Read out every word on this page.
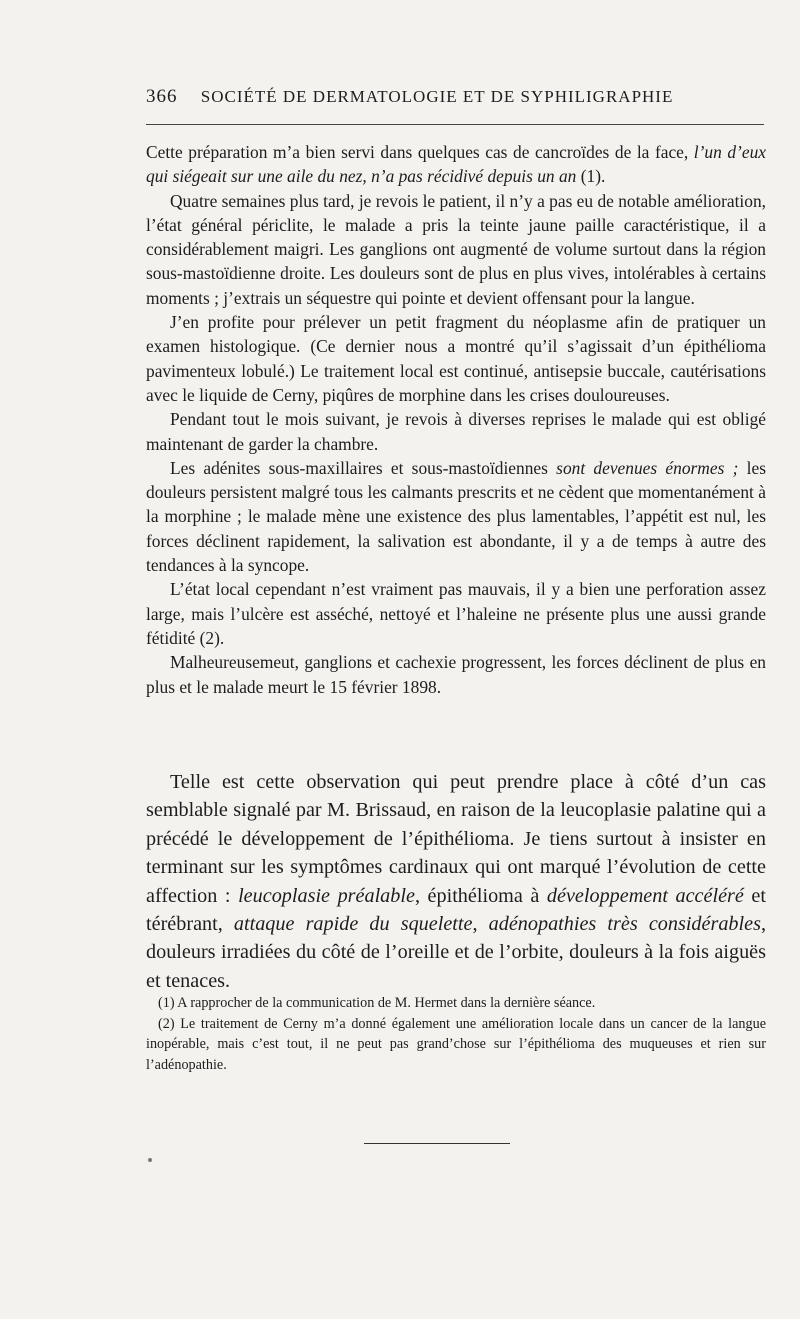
366 SOCIÉTÉ DE DERMATOLOGIE ET DE SYPHILIGRAPHIE

Cette préparation m’a bien servi dans quelques cas de cancroïdes de la face, l’un d’eux qui siégeait sur une aile du nez, n’a pas récidivé depuis un an (1).

Quatre semaines plus tard, je revois le patient, il n’y a pas eu de notable amélioration, l’état général périclite, le malade a pris la teinte jaune paille caractéristique, il a considérablement maigri. Les ganglions ont augmenté de volume surtout dans la région sous-mastoïdienne droite. Les douleurs sont de plus en plus vives, intolérables à certains moments ; j’extrais un séquestre qui pointe et devient offensant pour la langue.

J’en profite pour prélever un petit fragment du néoplasme afin de pratiquer un examen histologique. (Ce dernier nous a montré qu’il s’agissait d’un épithélioma pavimenteux lobulé.) Le traitement local est continué, antisepsie buccale, cautérisations avec le liquide de Cerny, piqûres de morphine dans les crises douloureuses.

Pendant tout le mois suivant, je revois à diverses reprises le malade qui est obligé maintenant de garder la chambre.

Les adénites sous-maxillaires et sous-mastoïdiennes sont devenues énormes ; les douleurs persistent malgré tous les calmants prescrits et ne cèdent que momentanément à la morphine ; le malade mène une existence des plus lamentables, l’appétit est nul, les forces déclinent rapidement, la salivation est abondante, il y a de temps à autre des tendances à la syncope.

L’état local cependant n’est vraiment pas mauvais, il y a bien une perforation assez large, mais l’ulcère est asséché, nettoyé et l’haleine ne présente plus une aussi grande fétidité (2).

Malheureusemeut, ganglions et cachexie progressent, les forces déclinent de plus en plus et le malade meurt le 15 février 1898.

Telle est cette observation qui peut prendre place à côté d’un cas semblable signalé par M. Brissaud, en raison de la leucoplasie palatine qui a précédé le développement de l’épithélioma. Je tiens surtout à insister en terminant sur les symptômes cardinaux qui ont marqué l’évolution de cette affection : leucoplasie préalable, épithélioma à développement accéléré et térébrant, attaque rapide du squelette, adénopathies très considérables, douleurs irradiées du côté de l’oreille et de l’orbite, douleurs à la fois aiguës et tenaces.

(1) A rapprocher de la communication de M. Hermet dans la dernière séance.

(2) Le traitement de Cerny m’a donné également une amélioration locale dans un cancer de la langue inopérable, mais c’est tout, il ne peut pas grand’chose sur l’épithélioma des muqueuses et rien sur l’adénopathie.
